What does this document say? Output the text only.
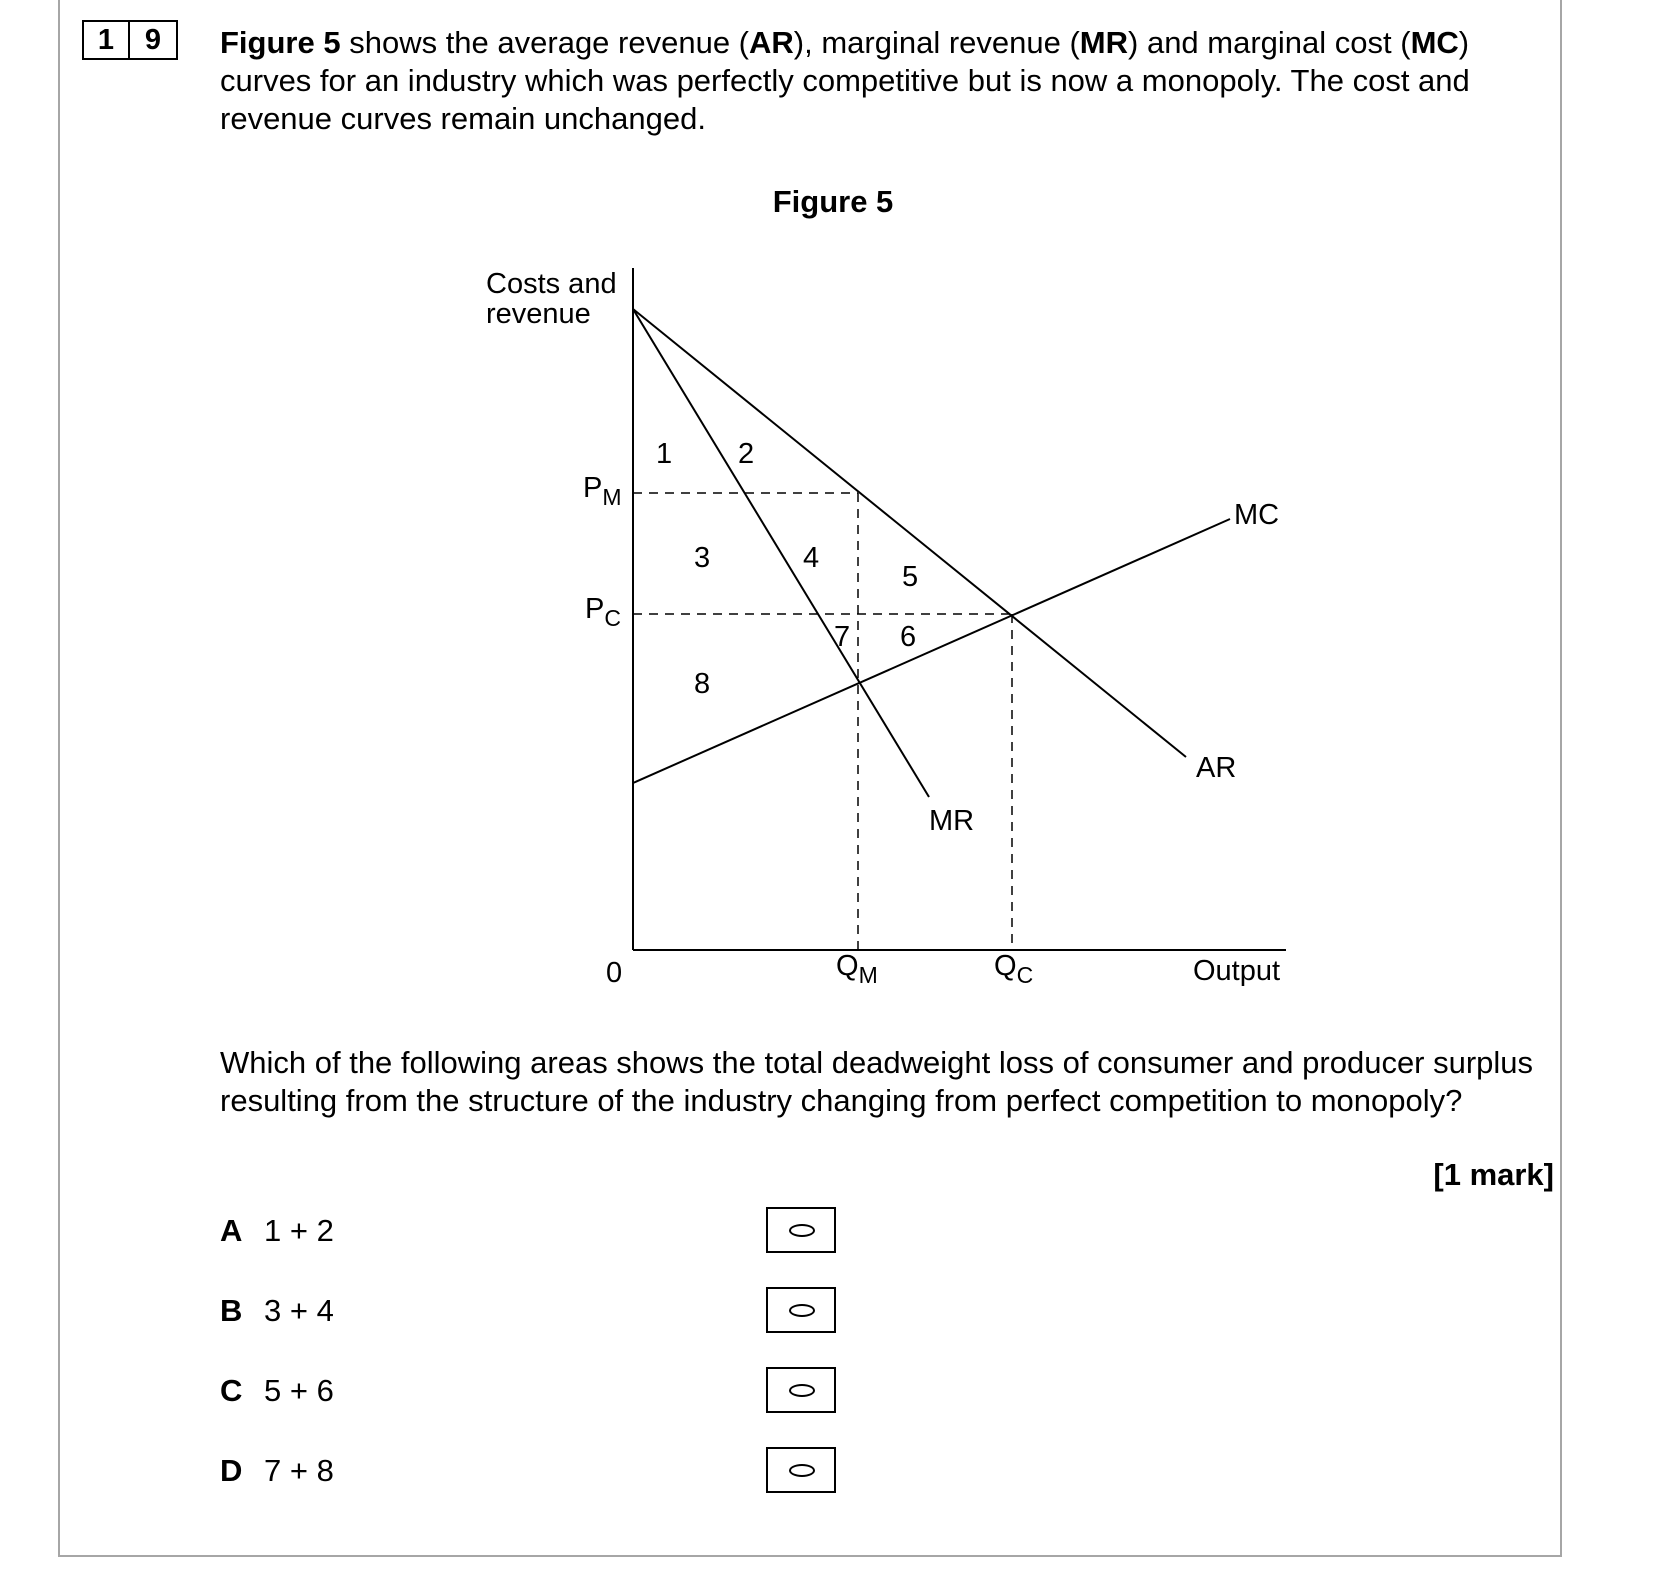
1	9	Figure 5 shows the average revenue (AR), marginal revenue (MR) and marginal cost (MC) curves for an industry which was perfectly competitive but is now a monopoly. The cost and revenue curves remain unchanged.
Figure 5
Costs and
revenue
0	Output
$P_M$
$P_C$
$Q_M$	$Q_C$
MC
AR
MR
1 2
3	4
5
6
7
8
Which of the following areas shows the total deadweight loss of consumer and producer surplus resulting from the structure of the industry changing from perfect competition to monopoly?
[1 mark]
A 1 + 2
B 3 + 4
C 5 + 6
D 7 + 8
